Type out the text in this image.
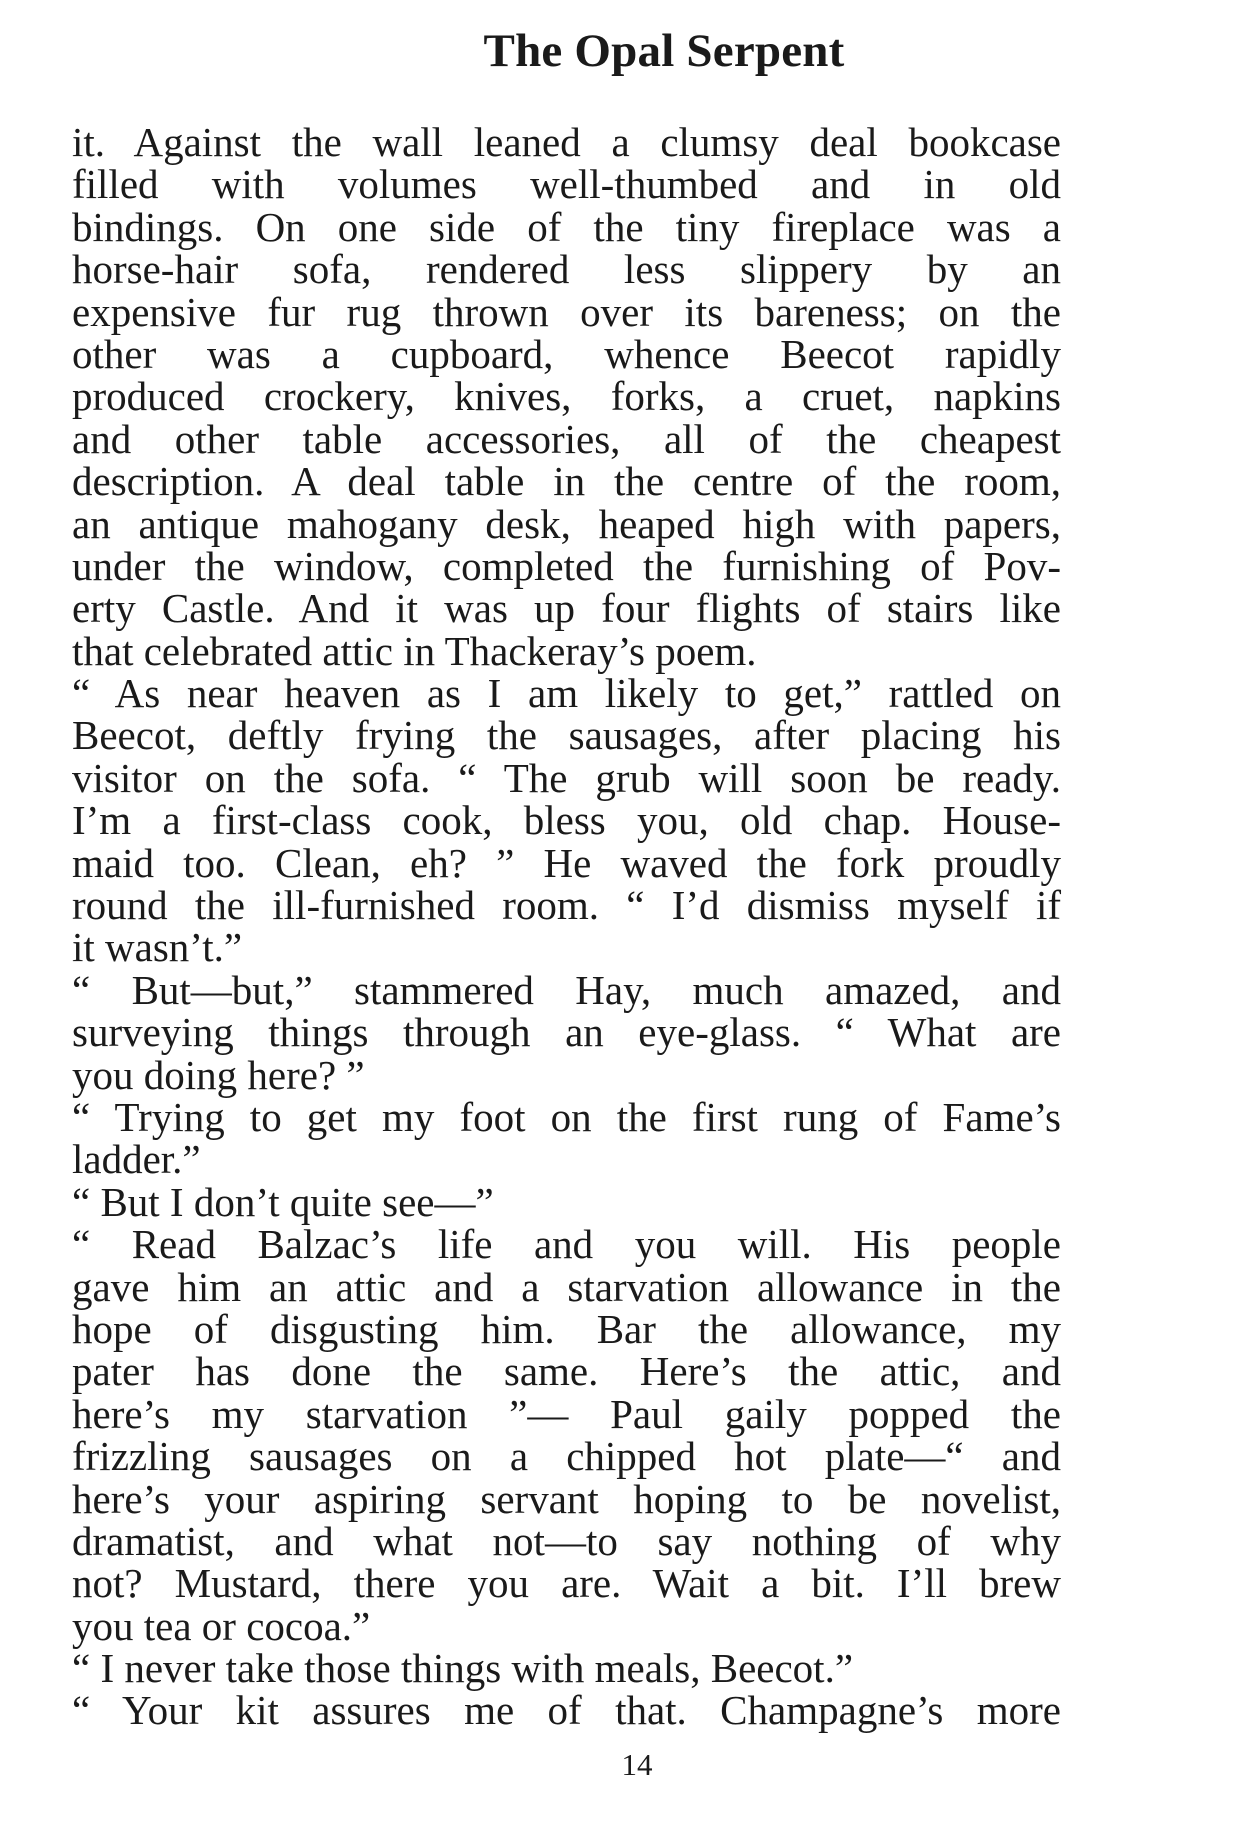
The Opal Serpent
it. Against the wall leaned a clumsy deal bookcase
filled with volumes well-thumbed and in old
bindings. On one side of the tiny fireplace was a
horse-hair sofa, rendered less slippery by an
expensive fur rug thrown over its bareness; on the
other was a cupboard, whence Beecot rapidly
produced crockery, knives, forks, a cruet, napkins
and other table accessories, all of the cheapest
description. A deal table in the centre of the room,
an antique mahogany desk, heaped high with papers,
under the window, completed the furnishing of Pov-
erty Castle. And it was up four flights of stairs like
that celebrated attic in Thackeray’s poem.
“ As near heaven as I am likely to get,” rattled on
Beecot, deftly frying the sausages, after placing his
visitor on the sofa. “ The grub will soon be ready.
I’m a first-class cook, bless you, old chap. House-
maid too. Clean, eh? ” He waved the fork proudly
round the ill-furnished room. “ I’d dismiss myself if
it wasn’t.”
“ But—but,” stammered Hay, much amazed, and
surveying things through an eye-glass. “ What are
you doing here? ”
“ Trying to get my foot on the first rung of Fame’s
ladder.”
“ But I don’t quite see—”
“ Read Balzac’s life and you will. His people
gave him an attic and a starvation allowance in the
hope of disgusting him. Bar the allowance, my
pater has done the same. Here’s the attic, and
here’s my starvation ”— Paul gaily popped the
frizzling sausages on a chipped hot plate—“ and
here’s your aspiring servant hoping to be novelist,
dramatist, and what not—to say nothing of why
not? Mustard, there you are. Wait a bit. I’ll brew
you tea or cocoa.”
“ I never take those things with meals, Beecot.”
“ Your kit assures me of that. Champagne’s more
14
